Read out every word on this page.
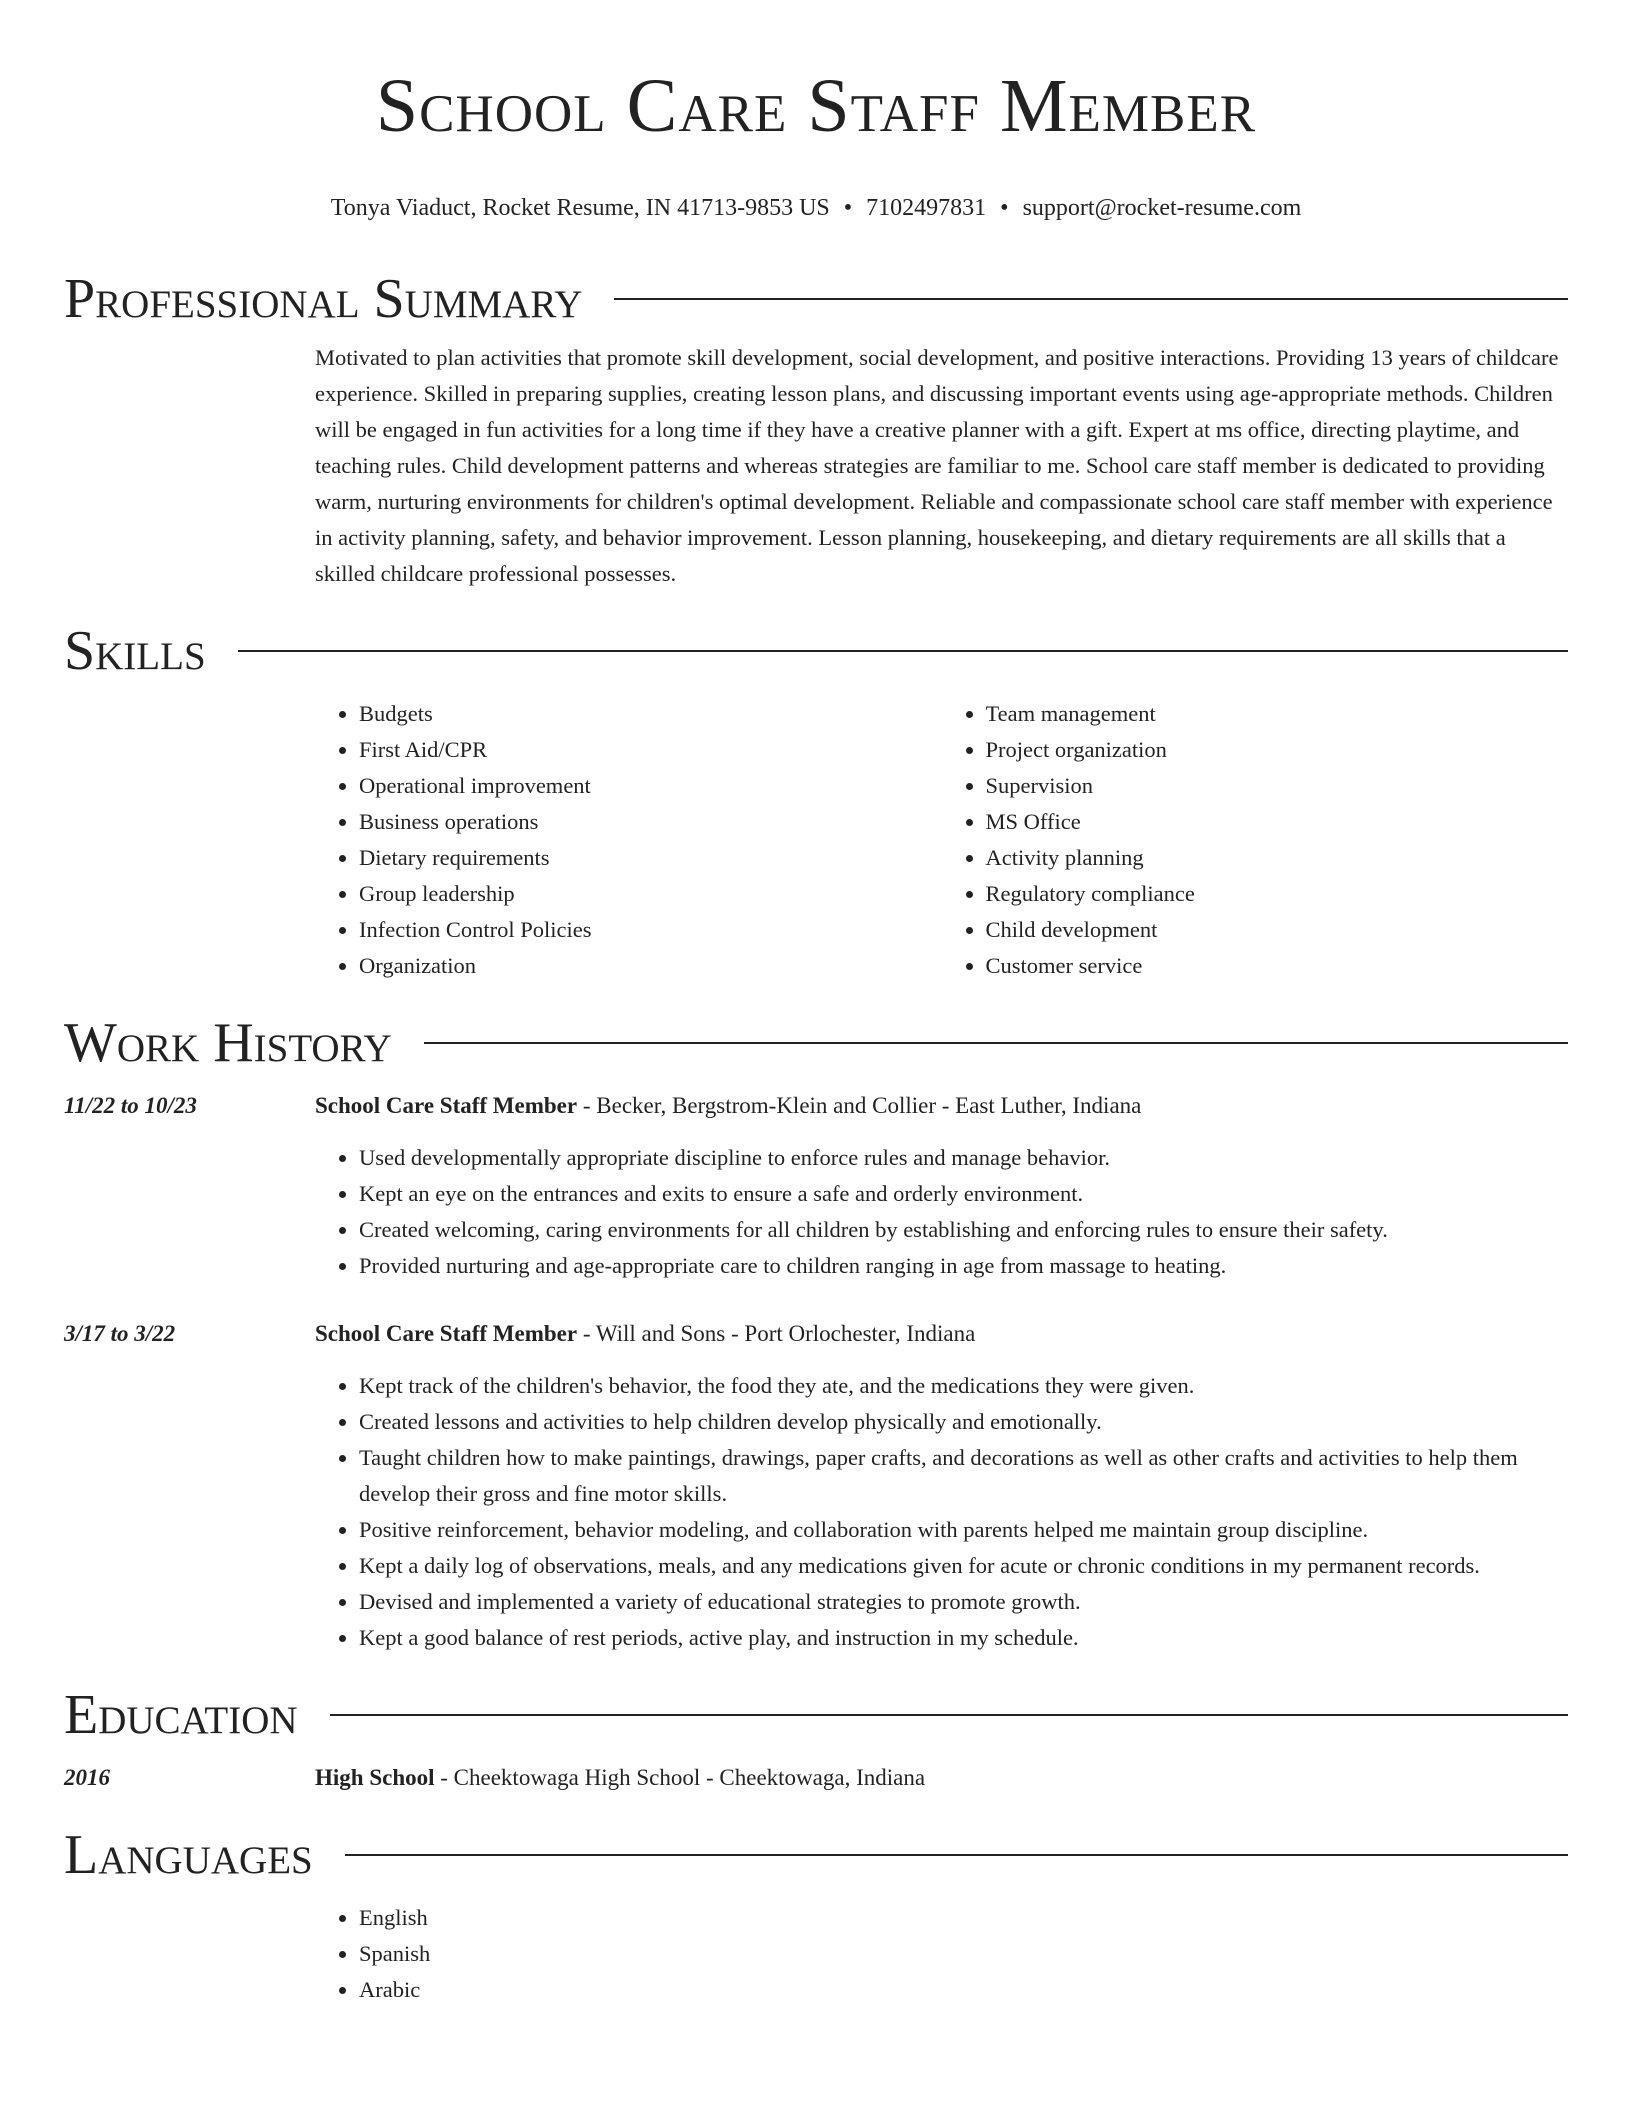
School Care Staff Member
Tonya Viaduct, Rocket Resume, IN 41713-9853 US • 7102497831 • support@rocket-resume.com
Professional Summary
Motivated to plan activities that promote skill development, social development, and positive interactions. Providing 13 years of childcare experience. Skilled in preparing supplies, creating lesson plans, and discussing important events using age-appropriate methods. Children will be engaged in fun activities for a long time if they have a creative planner with a gift. Expert at ms office, directing playtime, and teaching rules. Child development patterns and whereas strategies are familiar to me. School care staff member is dedicated to providing warm, nurturing environments for children's optimal development. Reliable and compassionate school care staff member with experience in activity planning, safety, and behavior improvement. Lesson planning, housekeeping, and dietary requirements are all skills that a skilled childcare professional possesses.
Skills
• Budgets
• First Aid/CPR
• Operational improvement
• Business operations
• Dietary requirements
• Group leadership
• Infection Control Policies
• Organization
• Team management
• Project organization
• Supervision
• MS Office
• Activity planning
• Regulatory compliance
• Child development
• Customer service
Work History
11/22 to 10/23	School Care Staff Member - Becker, Bergstrom-Klein and Collier - East Luther, Indiana
• Used developmentally appropriate discipline to enforce rules and manage behavior.
• Kept an eye on the entrances and exits to ensure a safe and orderly environment.
• Created welcoming, caring environments for all children by establishing and enforcing rules to ensure their safety.
• Provided nurturing and age-appropriate care to children ranging in age from massage to heating.
3/17 to 3/22	School Care Staff Member - Will and Sons - Port Orlochester, Indiana
• Kept track of the children's behavior, the food they ate, and the medications they were given.
• Created lessons and activities to help children develop physically and emotionally.
• Taught children how to make paintings, drawings, paper crafts, and decorations as well as other crafts and activities to help them develop their gross and fine motor skills.
• Positive reinforcement, behavior modeling, and collaboration with parents helped me maintain group discipline.
• Kept a daily log of observations, meals, and any medications given for acute or chronic conditions in my permanent records.
• Devised and implemented a variety of educational strategies to promote growth.
• Kept a good balance of rest periods, active play, and instruction in my schedule.
Education
2016	High School - Cheektowaga High School - Cheektowaga, Indiana
Languages
• English
• Spanish
• Arabic
